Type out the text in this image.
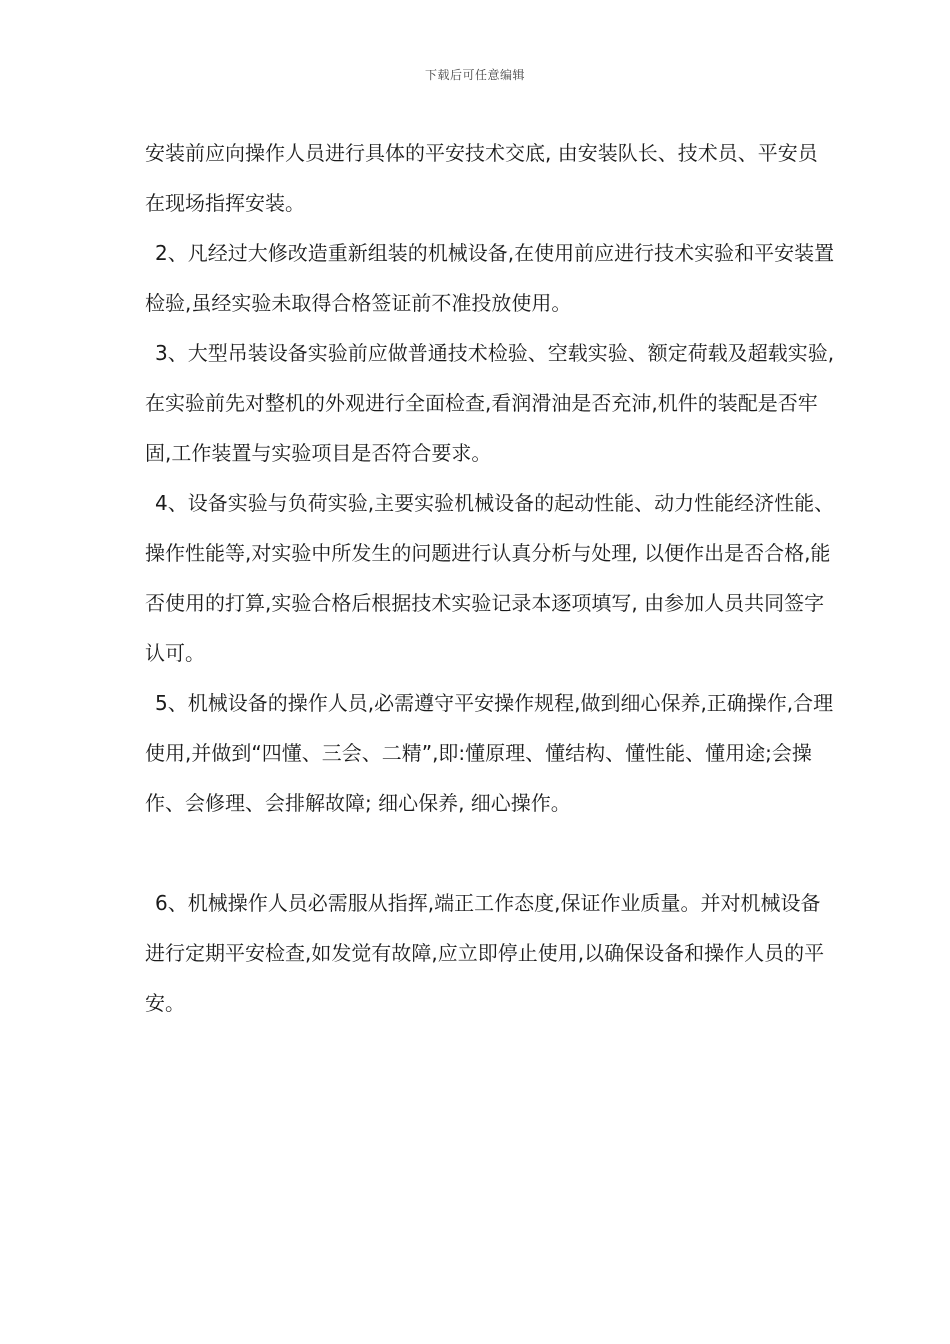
下载后可任意编辑

安装前应向操作人员进行具体的平安技术交底, 由安装队长、技术员、平安员在现场指挥安装。

2、凡经过大修改造重新组装的机械设备,在使用前应进行技术实验和平安装置检验,虽经实验未取得合格签证前不准投放使用。

3、大型吊装设备实验前应做普通技术检验、空载实验、额定荷载及超载实验,在实验前先对整机的外观进行全面检查,看润滑油是否充沛,机件的装配是否牢固,工作装置与实验项目是否符合要求。

4、设备实验与负荷实验,主要实验机械设备的起动性能、动力性能经济性能、操作性能等,对实验中所发生的问题进行认真分析与处理, 以便作出是否合格,能否使用的打算,实验合格后根据技术实验记录本逐项填写, 由参加人员共同签字认可。

5、机械设备的操作人员,必需遵守平安操作规程,做到细心保养,正确操作,合理使用,并做到“四懂、三会、二精”,即:懂原理、懂结构、懂性能、懂用途;会操作、会修理、会排解故障; 细心保养, 细心操作。

6、机械操作人员必需服从指挥,端正工作态度,保证作业质量。并对机械设备进行定期平安检查,如发觉有故障,应立即停止使用,以确保设备和操作人员的平安。
